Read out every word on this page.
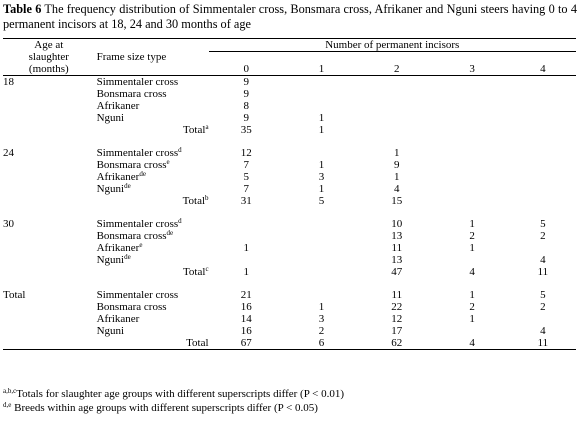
Table 6 The frequency distribution of Simmentaler cross, Bonsmara cross, Afrikaner and Nguni steers having 0 to 4 permanent incisors at 18, 24 and 30 months of age
Age at		Number of permanent incisors				
slaughter	Frame size type					

(months)		0	1	2	3	4
18	Simmentaler cross	9				
	Bonsmara cross	9				
	Afrikaner	8				
	Nguni	9	1			
	Total$^a$	35	1			

24	Simmentaler cross$^d$	12		1		
	Bonsmara cross$^e$	7	1	9		
	Afrikaner$^{de}$	5	3	1		
	Nguni$^{de}$	7	1	4		
	Total$^b$	31	5	15		

30	Simmentaler cross$^d$			10	1	5
	Bonsmara cross$^{de}$			13	2	2
	Afrikaner$^e$	1		11	1	
	Nguni$^{de}$			13		4
	Total$^c$	1		47	4	11

Total	Simmentaler cross	21		11	1	5
	Bonsmara cross	16	1	22	2	2
	Afrikaner	14	3	12	1	
	Nguni	16	2	17		4
	Total	67	6	62	4	11
$^{a,b,c}$Totals for slaughter age groups with different superscripts differ (P < 0.01)
$^{d,e}$ Breeds within age groups with different superscripts differ (P < 0.05)
